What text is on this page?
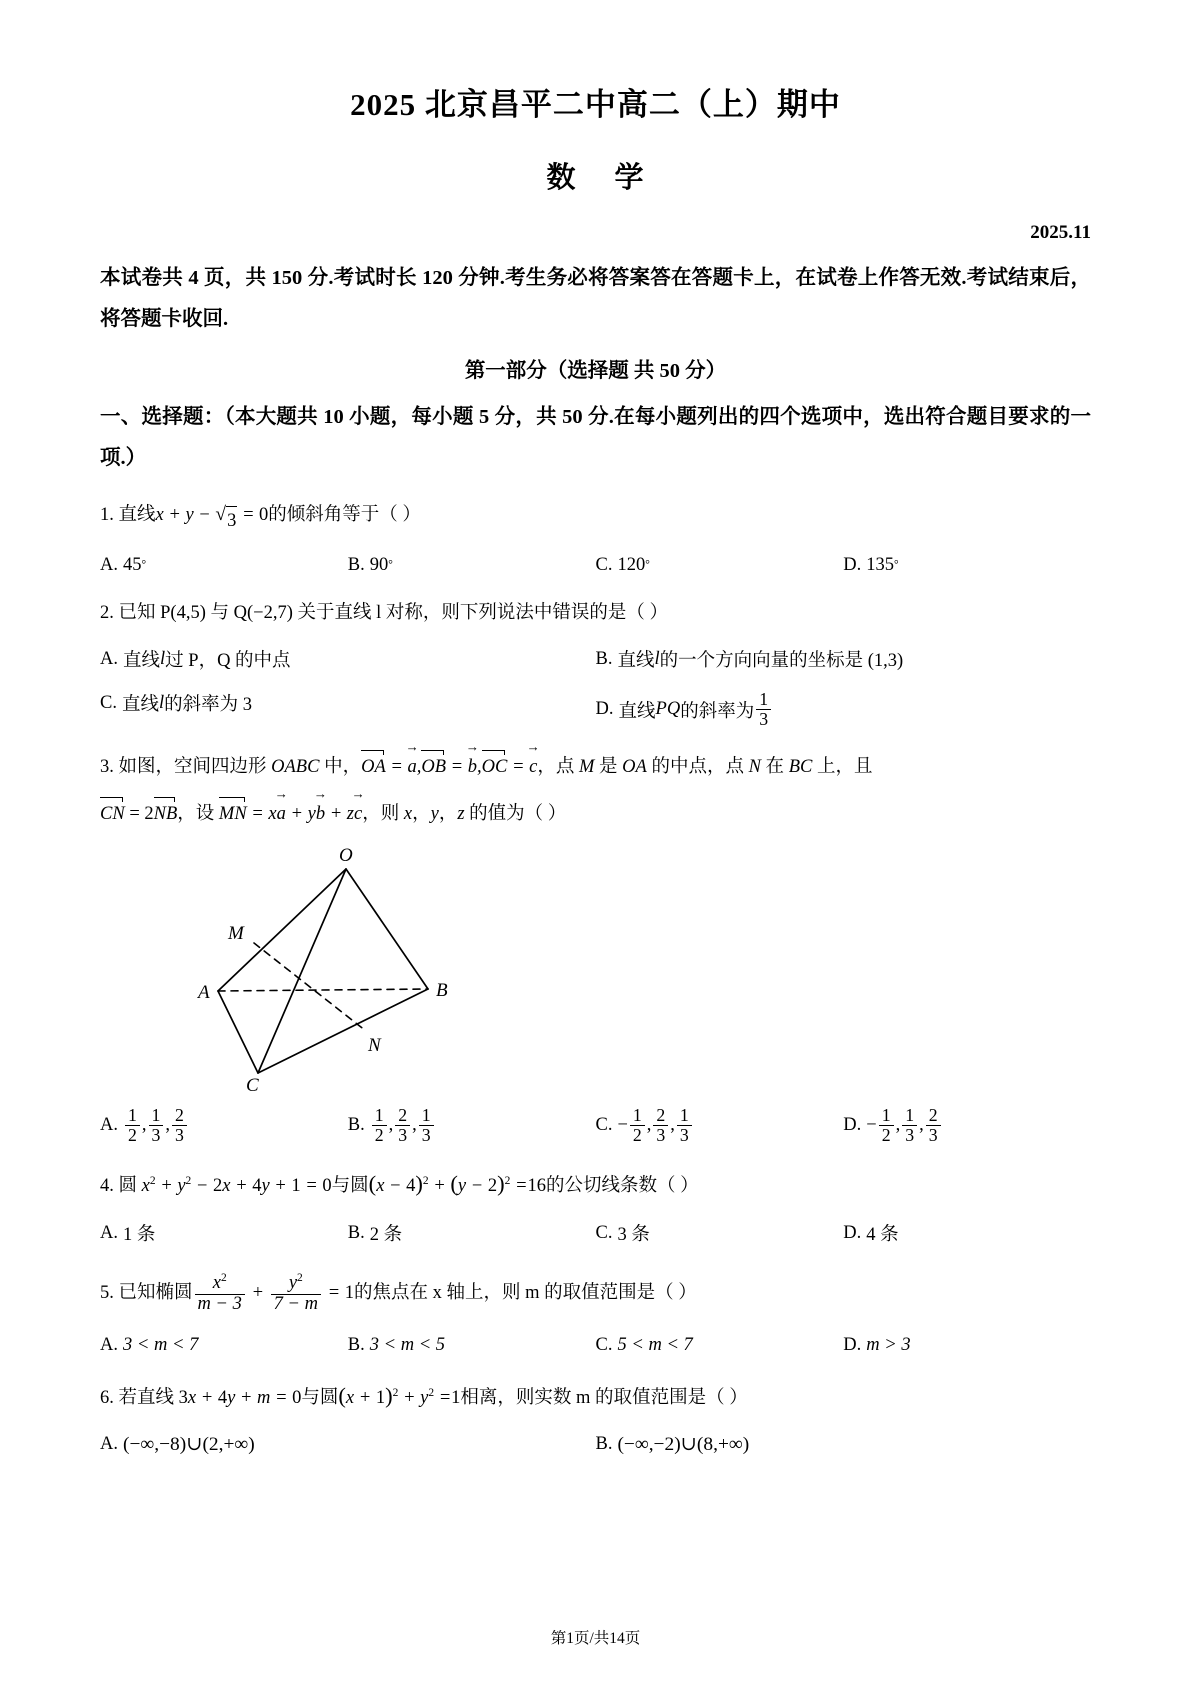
2025 北京昌平二中高二（上）期中
数 学

2025.11

本试卷共 4 页，共 150 分.考试时长 120 分钟.考生务必将答案答在答题卡上，在试卷上作答无效.考试结束后，将答题卡收回.

第一部分（选择题 共 50 分）

一、选择题：（本大题共 10 小题，每小题 5 分，共 50 分.在每小题列出的四个选项中，选出符合题目要求的一项.）

1. 直线x + y − √ 3 = 0的倾斜角等于（ ）
A. 45 °	B. 90 °	C. 120 °	D. 135 °
2. 已知 P(4,5) 与 Q(−2,7) 关于直线 l 对称，则下列说法中错误的是（ ）
A. 直线 l 过 P，Q 的中点	B. 直线 l 的一个方向向量的坐标是 (1,3)
C. 直线 l 的斜率为 3	D. 直线 PQ 的斜率为 $\frac{1}{3}$
3. 如图，空间四边形 OABC 中，OA = a →,OB = b →,OC = c →，点 M 是 OA 的中点，点 N 在 BC 上，且
CN = 2NB，设 MN = xa → + yb → + zc →，则 x，y，z 的值为（ ）
O
M
A	B
N
C
A. $\frac{1}{2}$ , $\frac{1}{3}$ , $\frac{2}{3}$	B. $\frac{1}{2}$ , $\frac{2}{3}$ , $\frac{1}{3}$	C. − $\frac{1}{2}$ , $\frac{2}{3}$ , $\frac{1}{3}$	D. − $\frac{1}{2}$ , $\frac{1}{3}$ , $\frac{2}{3}$
4. 圆 $x^2 + y^2 - 2x + 4y + 1 = 0$与圆$(x - 4)^2 + (y - 2)^2 =16$的公切线条数（ ）
A. 1 条	B. 2 条	C. 3 条	D. 4 条
5. 已知椭圆 $\frac{x^2}{m - 3} + \frac{y^2}{7 - m} = 1$的焦点在 x 轴上，则 m 的取值范围是（ ）
A. 3 < m < 7	B. 3 < m < 5	C. 5 < m < 7	D. m > 3
6. 若直线 3x + 4y + m = 0与圆$(x + 1)^2 + y^2 =1$相离，则实数 m 的取值范围是（ ）
A. (−∞,−8)∪(2,+∞)	B. (−∞,−2)∪(8,+∞)
第1页/共14页
